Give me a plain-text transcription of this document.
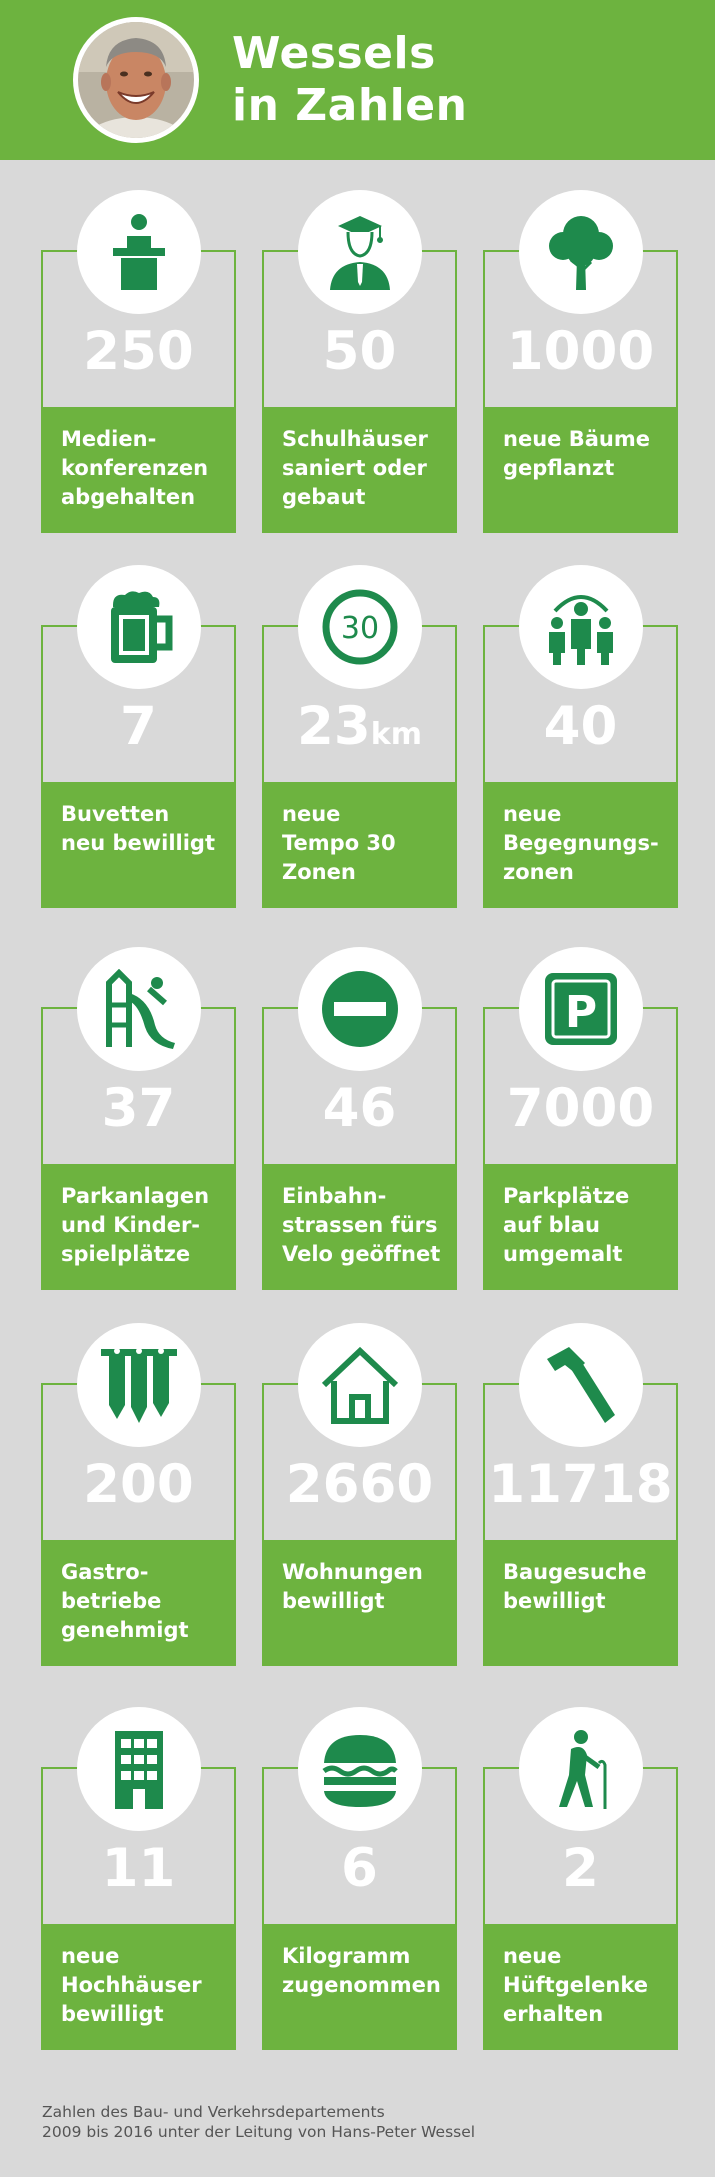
Wessels
in Zahlen
250
Medien-
konferenzen
abgehalten
50
Schulhäuser
saniert oder
gebaut
1000
neue Bäume
gepflanzt
7
Buvetten
neu bewilligt
30
23km
neue
Tempo 30
Zonen
40
neue
Begegnungs-
zonen
37
Parkanlagen
und Kinder-
spielplätze
46
Einbahn-
strassen fürs
Velo geöffnet
P
7000
Parkplätze
auf blau
umgemalt
200
Gastro-
betriebe
genehmigt
2660
Wohnungen
bewilligt
11718
Baugesuche
bewilligt
11
neue
Hochhäuser
bewilligt
6
Kilogramm
zugenommen
2
neue
Hüftgelenke
erhalten
Zahlen des Bau- und Verkehrsdepartements
2009 bis 2016 unter der Leitung von Hans-Peter Wessel
